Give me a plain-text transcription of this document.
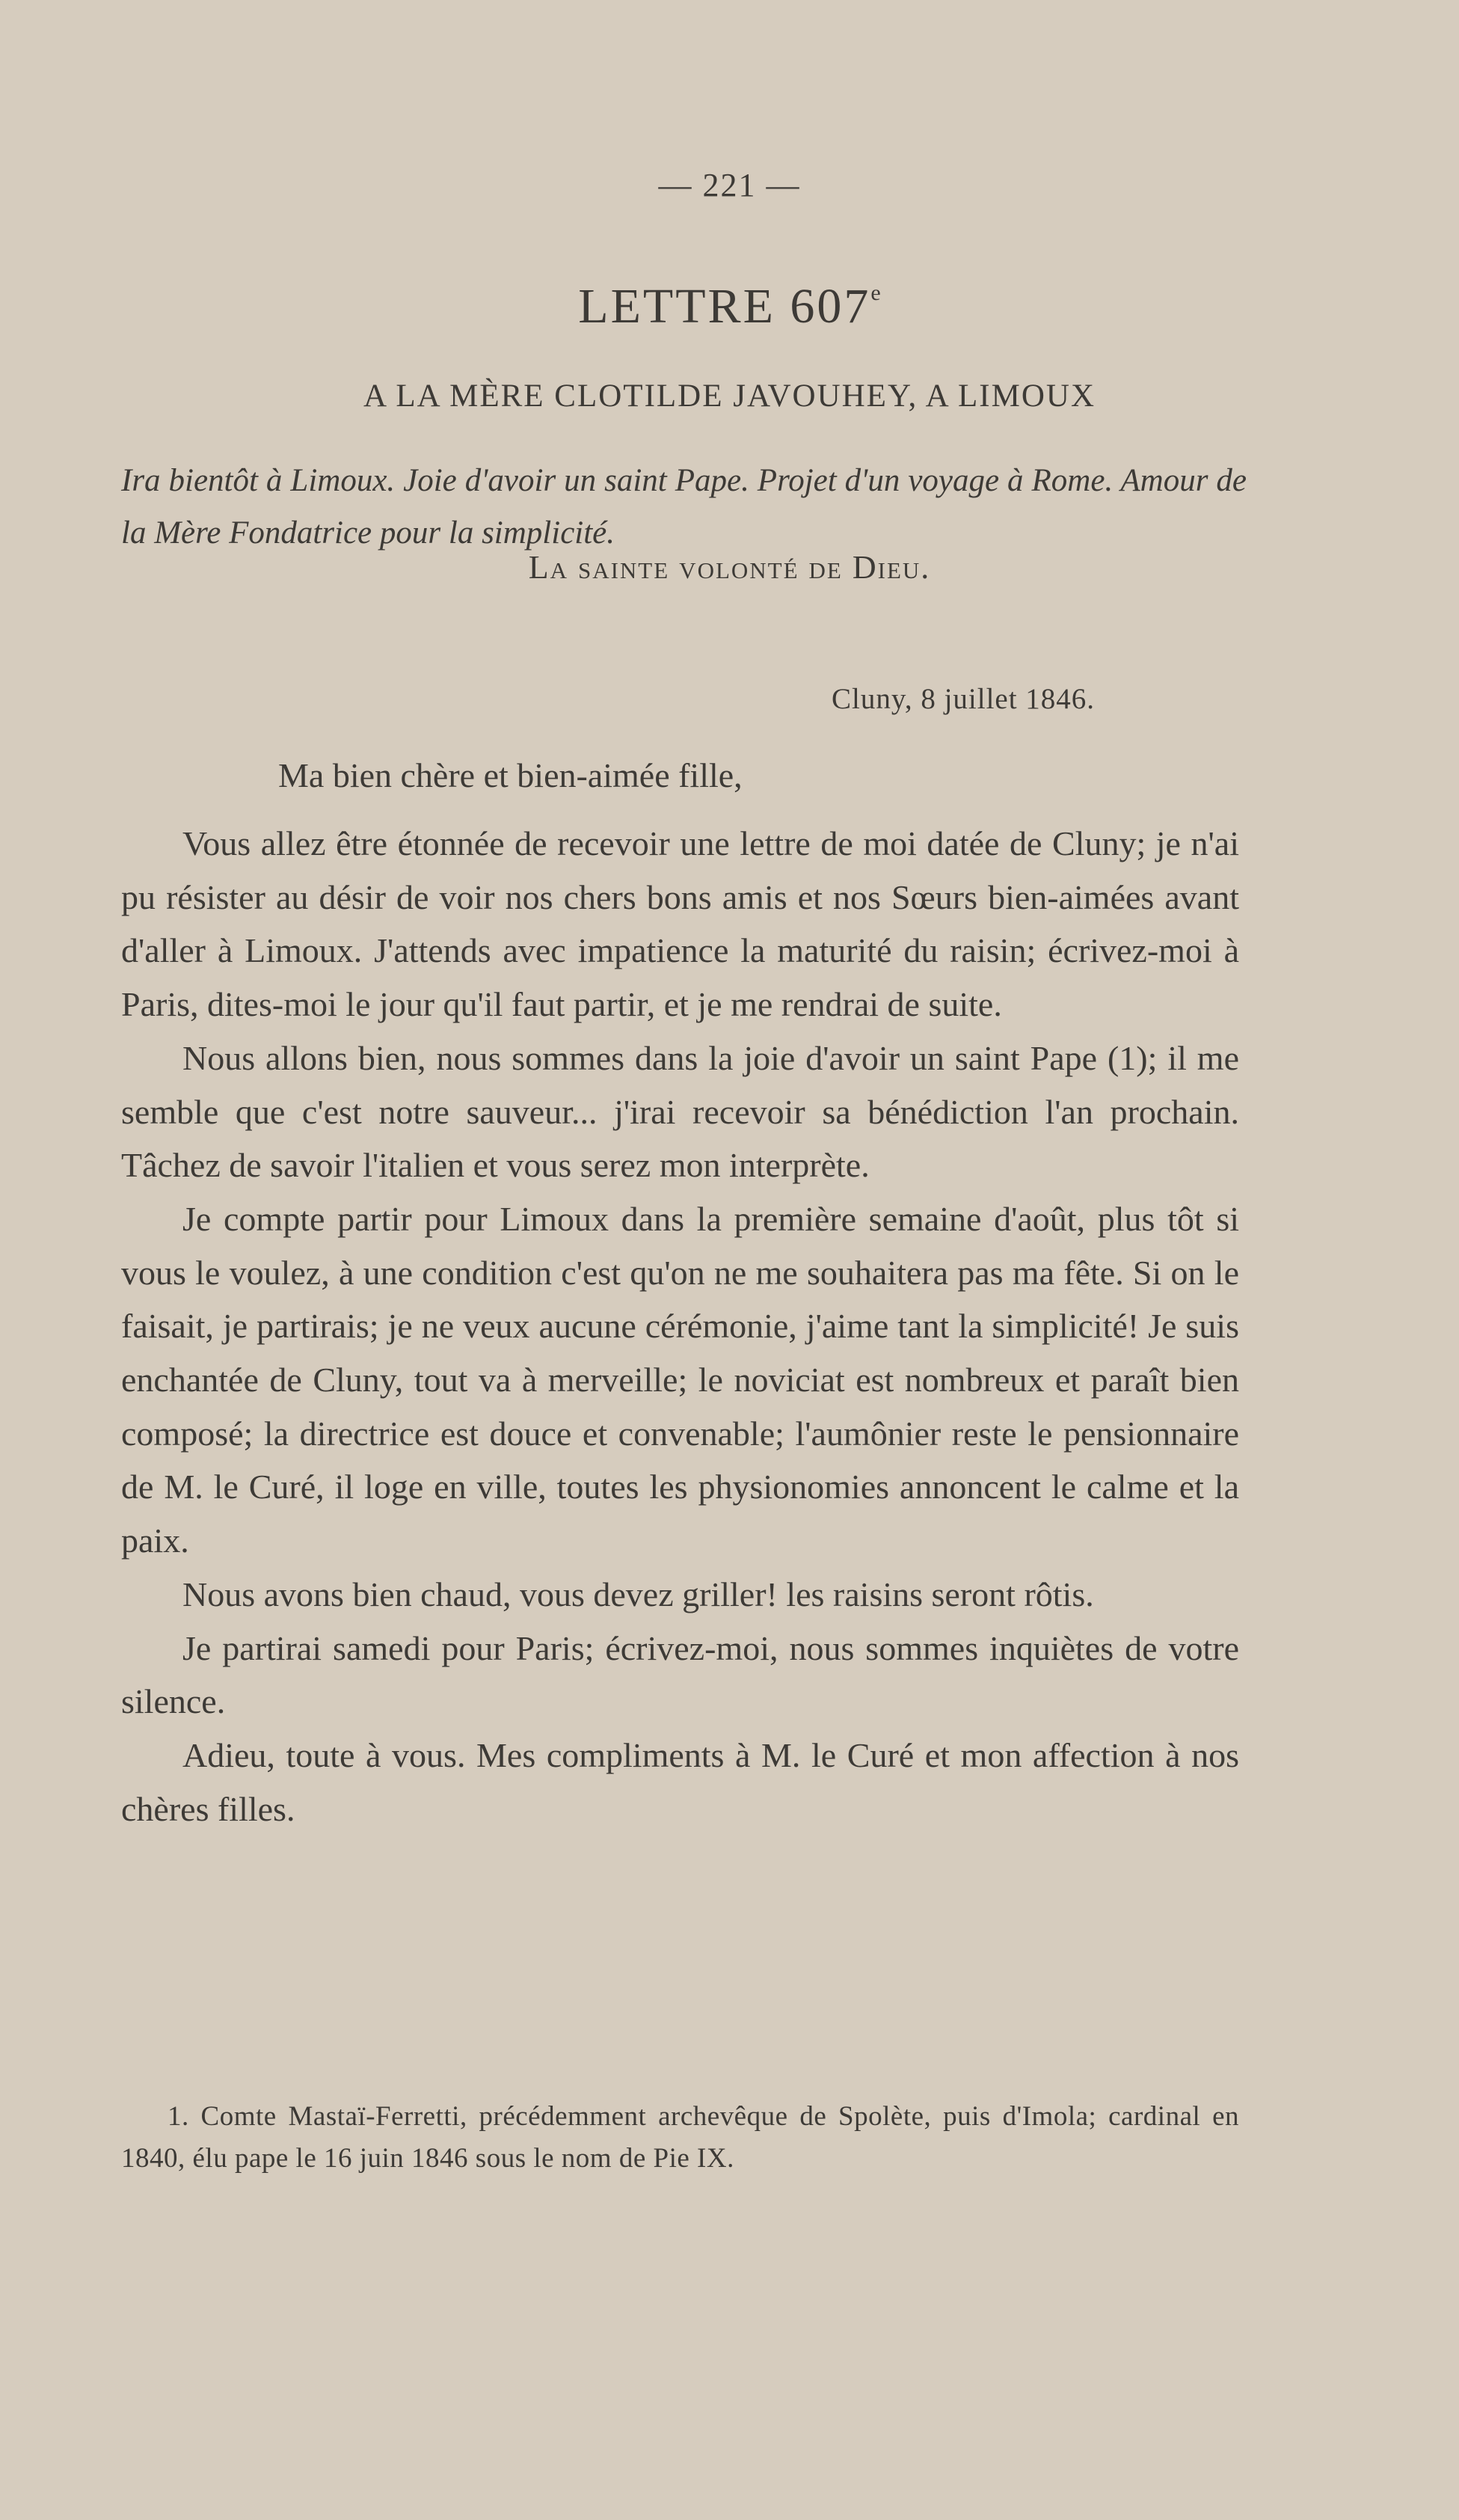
— 221 —
LETTRE 607e
A LA MÈRE CLOTILDE JAVOUHEY, A LIMOUX
Ira bientôt à Limoux. Joie d'avoir un saint Pape. Projet d'un voyage à Rome. Amour de la Mère Fondatrice pour la simplicité.
La sainte volonté de Dieu.
Cluny, 8 juillet 1846.
Ma bien chère et bien-aimée fille,

Vous allez être étonnée de recevoir une lettre de moi datée de Cluny; je n'ai pu résister au désir de voir nos chers bons amis et nos Sœurs bien-aimées avant d'aller à Limoux. J'attends avec impatience la maturité du raisin; écrivez-moi à Paris, dites-moi le jour qu'il faut partir, et je me rendrai de suite.

Nous allons bien, nous sommes dans la joie d'avoir un saint Pape (1); il me semble que c'est notre sauveur... j'irai recevoir sa bénédiction l'an prochain. Tâchez de savoir l'italien et vous serez mon interprète.

Je compte partir pour Limoux dans la première semaine d'août, plus tôt si vous le voulez, à une condition c'est qu'on ne me souhaitera pas ma fête. Si on le faisait, je partirais; je ne veux aucune cérémonie, j'aime tant la simplicité! Je suis enchantée de Cluny, tout va à merveille; le noviciat est nombreux et paraît bien composé; la directrice est douce et convenable; l'aumônier reste le pensionnaire de M. le Curé, il loge en ville, toutes les physionomies annoncent le calme et la paix.

Nous avons bien chaud, vous devez griller! les raisins seront rôtis.

Je partirai samedi pour Paris; écrivez-moi, nous sommes inquiètes de votre silence.

Adieu, toute à vous. Mes compliments à M. le Curé et mon affection à nos chères filles.

1. Comte Mastaï-Ferretti, précédemment archevêque de Spolète, puis d'Imola; cardinal en 1840, élu pape le 16 juin 1846 sous le nom de Pie IX.
